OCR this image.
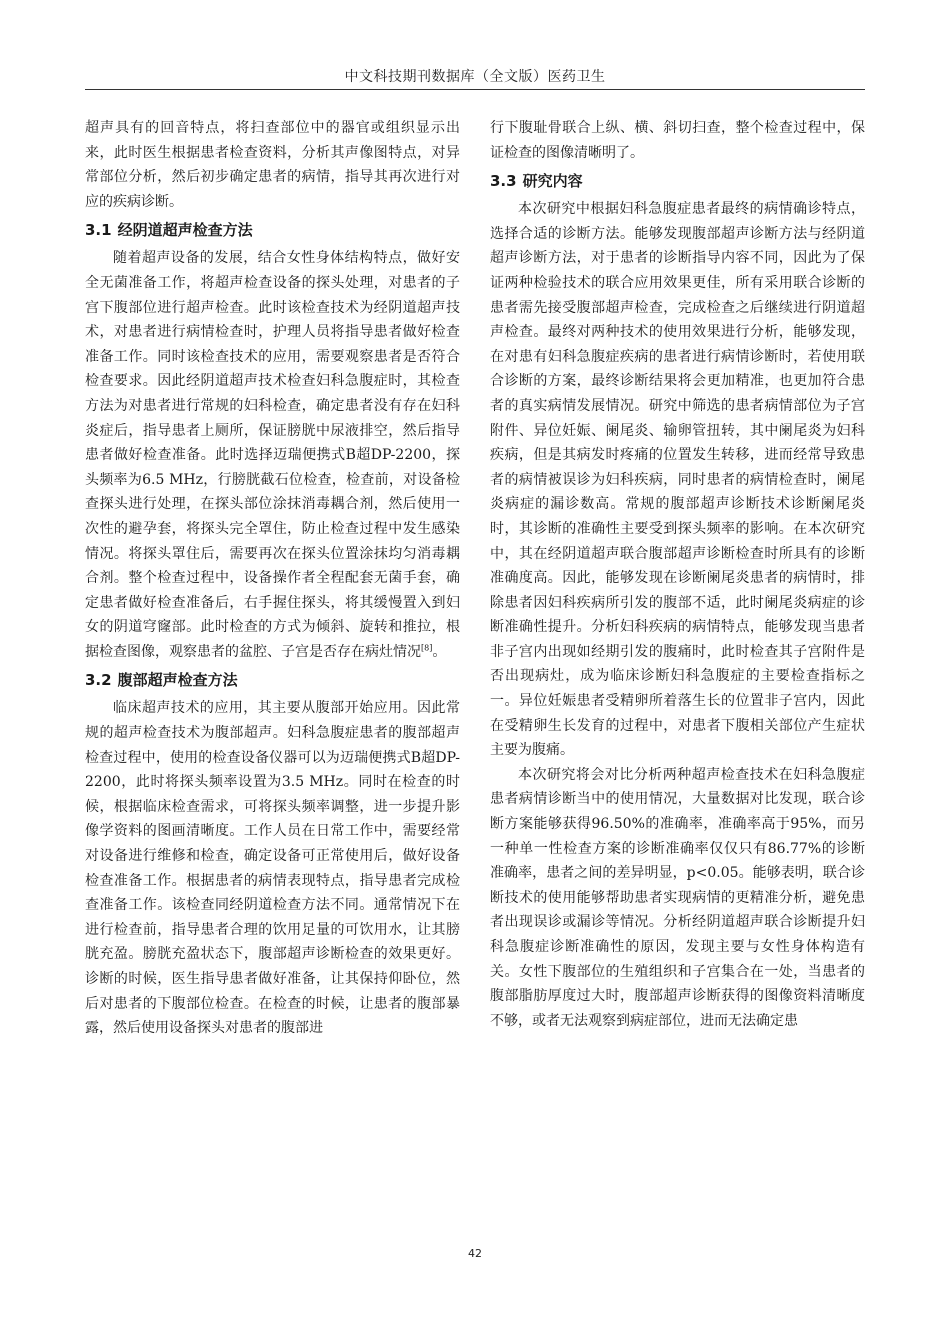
中文科技期刊数据库（全文版）医药卫生

超声具有的回音特点，将扫查部位中的器官或组织显示出来，此时医生根据患者检查资料，分析其声像图特点，对异常部位分析，然后初步确定患者的病情，指导其再次进行对应的疾病诊断。

3.1 经阴道超声检查方法

随着超声设备的发展，结合女性身体结构特点，做好安全无菌准备工作，将超声检查设备的探头处理，对患者的子宫下腹部位进行超声检查。此时该检查技术为经阴道超声技术，对患者进行病情检查时，护理人员将指导患者做好检查准备工作。同时该检查技术的应用，需要观察患者是否符合检查要求。因此经阴道超声技术检查妇科急腹症时，其检查方法为对患者进行常规的妇科检查，确定患者没有存在妇科炎症后，指导患者上厕所，保证膀胱中尿液排空，然后指导患者做好检查准备。此时选择迈瑞便携式B超DP-2200，探头频率为6.5 MHz，行膀胱截石位检查，检查前，对设备检查探头进行处理，在探头部位涂抹消毒耦合剂，然后使用一次性的避孕套，将探头完全罩住，防止检查过程中发生感染情况。将探头罩住后，需要再次在探头位置涂抹均匀消毒耦合剂。整个检查过程中，设备操作者全程配套无菌手套，确定患者做好检查准备后，右手握住探头，将其缓慢置入到妇女的阴道穹窿部。此时检查的方式为倾斜、旋转和推拉，根据检查图像，观察患者的盆腔、子宫是否存在病灶情况[8]。

3.2 腹部超声检查方法

临床超声技术的应用，其主要从腹部开始应用。因此常规的超声检查技术为腹部超声。妇科急腹症患者的腹部超声检查过程中，使用的检查设备仪器可以为迈瑞便携式B超DP-2200，此时将探头频率设置为3.5 MHz。同时在检查的时候，根据临床检查需求，可将探头频率调整，进一步提升影像学资料的图画清晰度。工作人员在日常工作中，需要经常对设备进行维修和检查，确定设备可正常使用后，做好设备检查准备工作。根据患者的病情表现特点，指导患者完成检查准备工作。该检查同经阴道检查方法不同。通常情况下在进行检查前，指导患者合理的饮用足量的可饮用水，让其膀胱充盈。膀胱充盈状态下，腹部超声诊断检查的效果更好。诊断的时候，医生指导患者做好准备，让其保持仰卧位，然后对患者的下腹部位检查。在检查的时候，让患者的腹部暴露，然后使用设备探头对患者的腹部进

行下腹耻骨联合上纵、横、斜切扫查，整个检查过程中，保证检查的图像清晰明了。

3.3 研究内容

本次研究中根据妇科急腹症患者最终的病情确诊特点，选择合适的诊断方法。能够发现腹部超声诊断方法与经阴道超声诊断方法，对于患者的诊断指导内容不同，因此为了保证两种检验技术的联合应用效果更佳，所有采用联合诊断的患者需先接受腹部超声检查，完成检查之后继续进行阴道超声检查。最终对两种技术的使用效果进行分析，能够发现，在对患有妇科急腹症疾病的患者进行病情诊断时，若使用联合诊断的方案，最终诊断结果将会更加精准，也更加符合患者的真实病情发展情况。研究中筛选的患者病情部位为子宫附件、异位妊娠、阑尾炎、输卵管扭转，其中阑尾炎为妇科疾病，但是其病发时疼痛的位置发生转移，进而经常导致患者的病情被误诊为妇科疾病，同时患者的病情检查时，阑尾炎病症的漏诊数高。常规的腹部超声诊断技术诊断阑尾炎时，其诊断的准确性主要受到探头频率的影响。在本次研究中，其在经阴道超声联合腹部超声诊断检查时所具有的诊断准确度高。因此，能够发现在诊断阑尾炎患者的病情时，排除患者因妇科疾病所引发的腹部不适，此时阑尾炎病症的诊断准确性提升。分析妇科疾病的病情特点，能够发现当患者非子宫内出现如经期引发的腹痛时，此时检查其子宫附件是否出现病灶，成为临床诊断妇科急腹症的主要检查指标之一。异位妊娠患者受精卵所着落生长的位置非子宫内，因此在受精卵生长发育的过程中，对患者下腹相关部位产生症状主要为腹痛。

本次研究将会对比分析两种超声检查技术在妇科急腹症患者病情诊断当中的使用情况，大量数据对比发现，联合诊断方案能够获得96.50%的准确率，准确率高于95%，而另一种单一性检查方案的诊断准确率仅仅只有86.77%的诊断准确率，患者之间的差异明显，p<0.05。能够表明，联合诊断技术的使用能够帮助患者实现病情的更精准分析，避免患者出现误诊或漏诊等情况。分析经阴道超声联合诊断提升妇科急腹症诊断准确性的原因，发现主要与女性身体构造有关。女性下腹部位的生殖组织和子宫集合在一处，当患者的腹部脂肪厚度过大时，腹部超声诊断获得的图像资料清晰度不够，或者无法观察到病症部位，进而无法确定患

42
